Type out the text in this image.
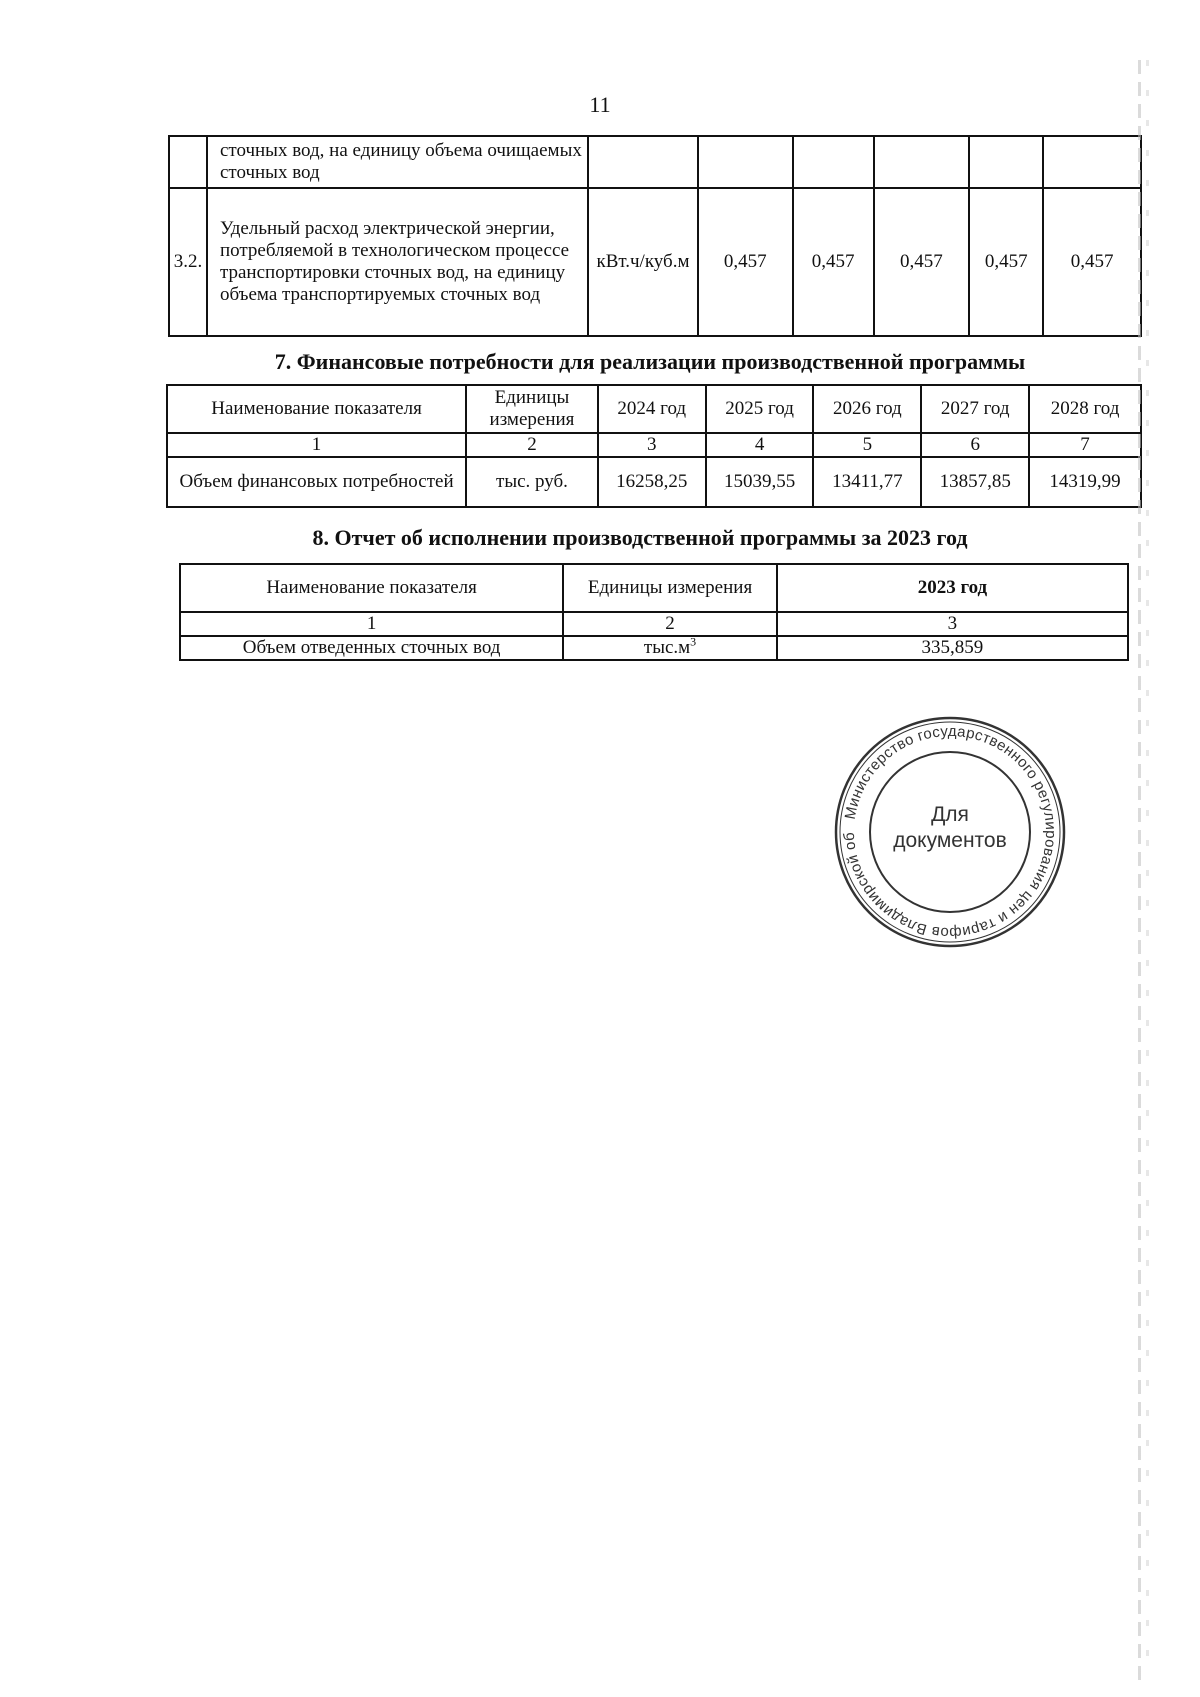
11
	сточных вод, на единицу объема очищаемых сточных вод						
3.2.	Удельный расход электрической энергии, потребляемой в технологическом процессе транспортировки сточных вод, на единицу объема транспортируемых сточных вод	кВт.ч/куб.м	0,457	0,457	0,457	0,457	0,457
7. Финансовые потребности для реализации производственной программы
Наименование показателя	Единицы измерения	2024 год	2025 год	2026 год	2027 год	2028 год
1	2	3	4	5	6	7
Объем финансовых потребностей	тыс. руб.	16258,25	15039,55	13411,77	13857,85	14319,99
8. Отчет об исполнении производственной программы за 2023 год
Наименование показателя	Единицы измерения	2023 год
1	2	3
Объем отведенных сточных вод	$тыс.м^3$	335,859
Министерство государственного регулирования цен и тарифов Владимирской об
Для
документов
